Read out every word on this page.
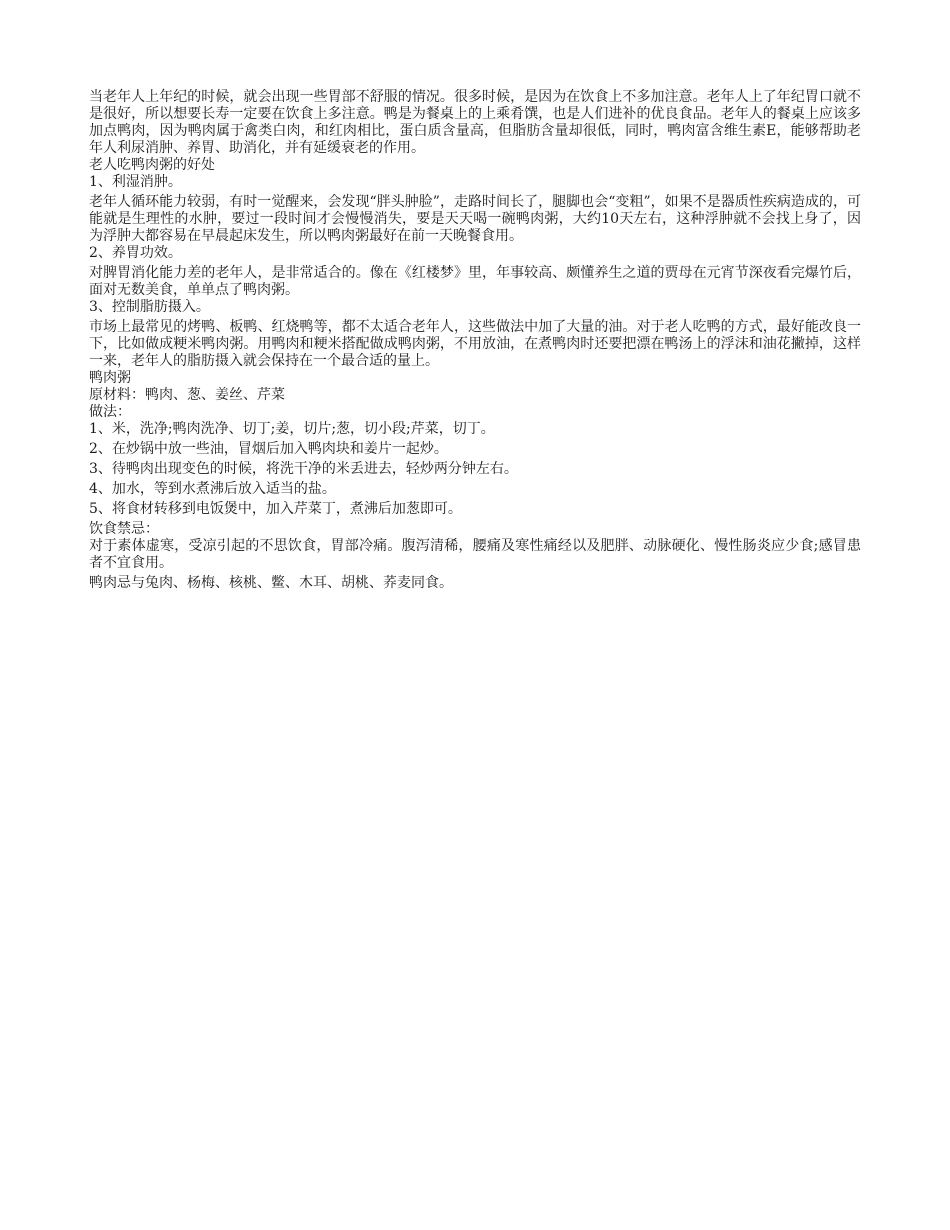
当老年人上年纪的时候，就会出现一些胃部不舒服的情况。很多时候，是因为在饮食上不多加注意。老年人上了年纪胃口就不是很好，所以想要长寿一定要在饮食上多注意。鸭是为餐桌上的上乘肴馔，也是人们进补的优良食品。老年人的餐桌上应该多加点鸭肉，因为鸭肉属于禽类白肉，和红肉相比，蛋白质含量高，但脂肪含量却很低，同时，鸭肉富含维生素E，能够帮助老年人利尿消肿、养胃、助消化，并有延缓衰老的作用。

老人吃鸭肉粥的好处

1、利湿消肿。

老年人循环能力较弱，有时一觉醒来，会发现“胖头肿脸”，走路时间长了，腿脚也会“变粗”，如果不是器质性疾病造成的，可能就是生理性的水肿，要过一段时间才会慢慢消失，要是天天喝一碗鸭肉粥，大约10天左右，这种浮肿就不会找上身了，因为浮肿大都容易在早晨起床发生，所以鸭肉粥最好在前一天晚餐食用。

2、养胃功效。

对脾胃消化能力差的老年人，是非常适合的。像在《红楼梦》里，年事较高、颇懂养生之道的贾母在元宵节深夜看完爆竹后，面对无数美食，单单点了鸭肉粥。

3、控制脂肪摄入。

市场上最常见的烤鸭、板鸭、红烧鸭等，都不太适合老年人，这些做法中加了大量的油。对于老人吃鸭的方式，最好能改良一下，比如做成粳米鸭肉粥。用鸭肉和粳米搭配做成鸭肉粥，不用放油，在煮鸭肉时还要把漂在鸭汤上的浮沫和油花撇掉，这样一来，老年人的脂肪摄入就会保持在一个最合适的量上。

鸭肉粥

原材料：鸭肉、葱、姜丝、芹菜

做法：

1、米，洗净;鸭肉洗净、切丁;姜，切片;葱，切小段;芹菜，切丁。

2、在炒锅中放一些油，冒烟后加入鸭肉块和姜片一起炒。

3、待鸭肉出现变色的时候，将洗干净的米丢进去，轻炒两分钟左右。

4、加水，等到水煮沸后放入适当的盐。

5、将食材转移到电饭煲中，加入芹菜丁，煮沸后加葱即可。

饮食禁忌：

对于素体虚寒，受凉引起的不思饮食，胃部冷痛。腹泻清稀，腰痛及寒性痛经以及肥胖、动脉硬化、慢性肠炎应少食;感冒患者不宜食用。

鸭肉忌与兔肉、杨梅、核桃、鳖、木耳、胡桃、荞麦同食。
